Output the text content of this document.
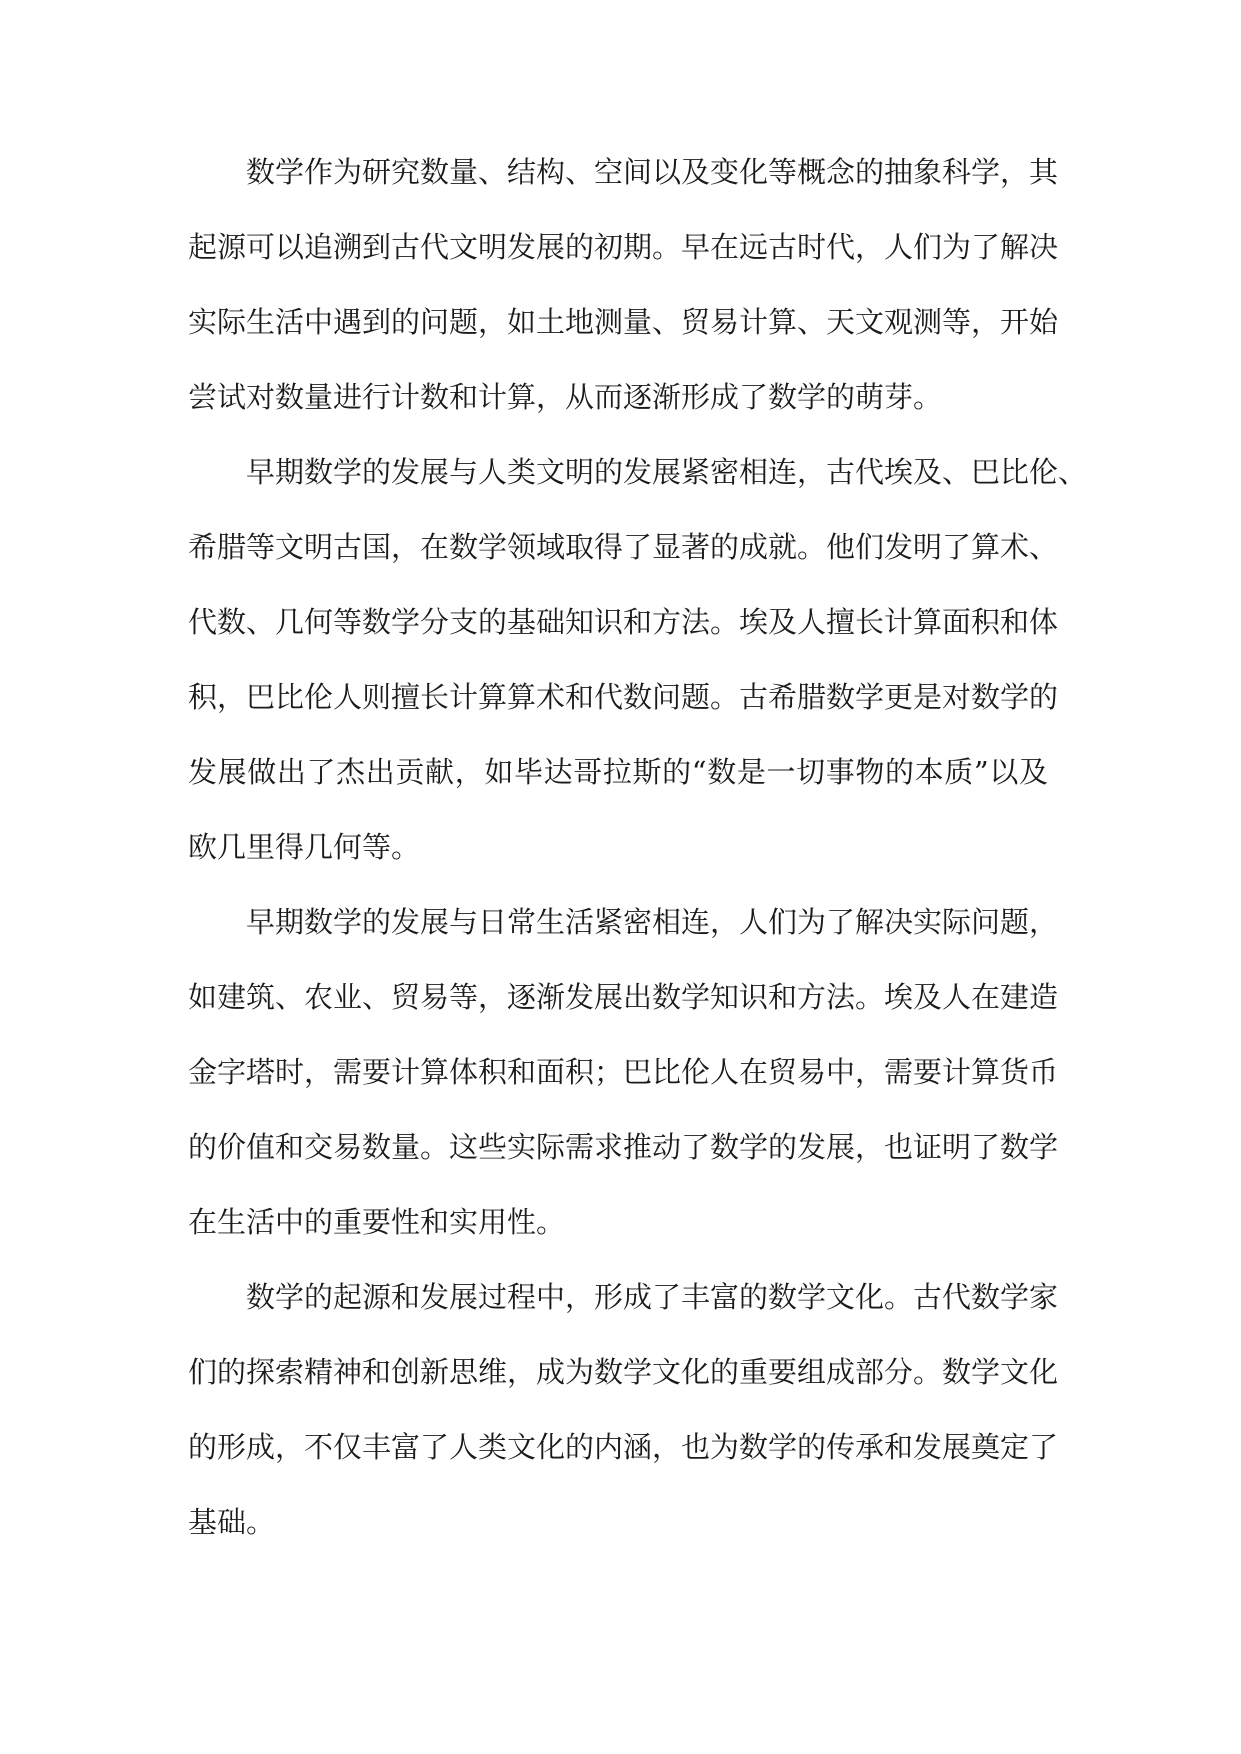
数学作为研究数量、结构、空间以及变化等概念的抽象科学，其
起源可以追溯到古代文明发展的初期。早在远古时代，人们为了解决
实际生活中遇到的问题，如土地测量、贸易计算、天文观测等，开始
尝试对数量进行计数和计算，从而逐渐形成了数学的萌芽。
早期数学的发展与人类文明的发展紧密相连，古代埃及、巴比伦、
希腊等文明古国，在数学领域取得了显著的成就。他们发明了算术、
代数、几何等数学分支的基础知识和方法。埃及人擅长计算面积和体
积，巴比伦人则擅长计算算术和代数问题。古希腊数学更是对数学的
发展做出了杰出贡献，如毕达哥拉斯的“数是一切事物的本质”以及
欧几里得几何等。
早期数学的发展与日常生活紧密相连，人们为了解决实际问题，
如建筑、农业、贸易等，逐渐发展出数学知识和方法。埃及人在建造
金字塔时，需要计算体积和面积；巴比伦人在贸易中，需要计算货币
的价值和交易数量。这些实际需求推动了数学的发展，也证明了数学
在生活中的重要性和实用性。
数学的起源和发展过程中，形成了丰富的数学文化。古代数学家
们的探索精神和创新思维，成为数学文化的重要组成部分。数学文化
的形成，不仅丰富了人类文化的内涵，也为数学的传承和发展奠定了
基础。
